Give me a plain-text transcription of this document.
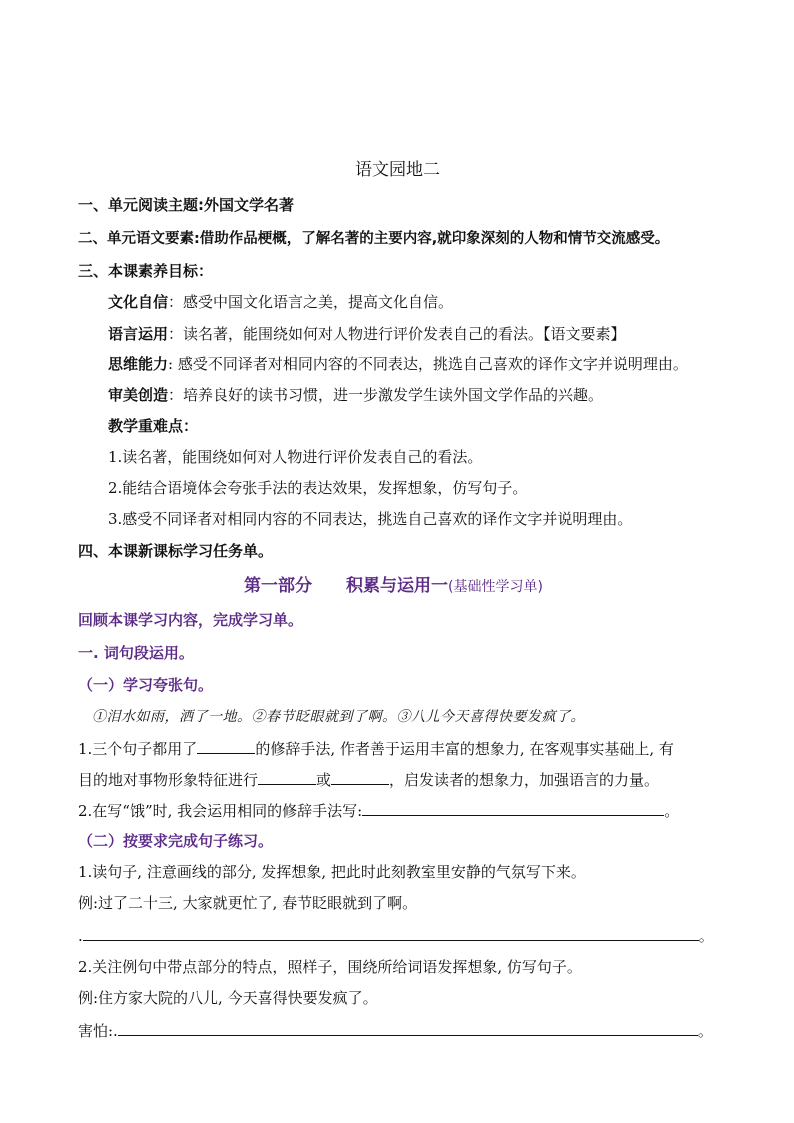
语文园地二
一、单元阅读主题:外国文学名著
二、单元语文要素:借助作品梗概，了解名著的主要内容,就印象深刻的人物和情节交流感受。
三、本课素养目标：
文化自信：感受中国文化语言之美，提高文化自信。
语言运用：读名著，能围绕如何对人物进行评价发表自己的看法。【语文要素】
思维能力: 感受不同译者对相同内容的不同表达，挑选自己喜欢的译作文字并说明理由。
审美创造：培养良好的读书习惯，进一步激发学生读外国文学作品的兴趣。
教学重难点：
1.读名著，能围绕如何对人物进行评价发表自己的看法。
2.能结合语境体会夸张手法的表达效果，发挥想象，仿写句子。
3.感受不同译者对相同内容的不同表达，挑选自己喜欢的译作文字并说明理由。
四、本课新课标学习任务单。
第一部分　　积累与运用一(基础性学习单)
回顾本课学习内容，完成学习单。
一. 词句段运用。
（一）学习夸张句。
①泪水如雨，洒了一地。②春节眨眼就到了啊。③八儿今天喜得快要发疯了。
1.三个句子都用了	的修辞手法, 作者善于运用丰富的想象力, 在客观事实基础上, 有
目的地对事物形象特征进行	或	，启发读者的想象力，加强语言的力量。
2.在写“饿”时, 我会运用相同的修辞手法写:	。
（二）按要求完成句子练习。
1.读句子, 注意画线的部分, 发挥想象, 把此时此刻教室里安静的气氛写下来。
例:过了二十三, 大家就更忙了, 春节眨眼就到了啊。
.	。
2.关注例句中带点部分的特点，照样子，围绕所给词语发挥想象, 仿写句子。
例:住方家大院的八儿, 今天喜得快要发疯了。
害怕:.	。
